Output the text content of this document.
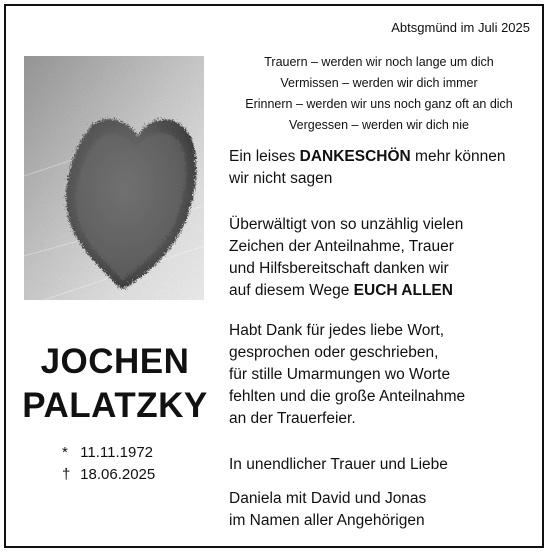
Abtsgmünd im Juli 2025
Trauern – werden wir noch lange um dich
Vermissen – werden wir dich immer
Erinnern – werden wir uns noch ganz oft an dich
Vergessen – werden wir dich nie
JOCHEN
PALATZKY
* 11.11.1972
† 18.06.2025
Ein leises DANKESCHÖN mehr können
wir nicht sagen
Überwältigt von so unzählig vielen
Zeichen der Anteilnahme, Trauer
und Hilfsbereitschaft danken wir
auf diesem Wege EUCH ALLEN
Habt Dank für jedes liebe Wort,
gesprochen oder geschrieben,
für stille Umarmungen wo Worte
fehlten und die große Anteilnahme
an der Trauerfeier.
In unendlicher Trauer und Liebe
Daniela mit David und Jonas
im Namen aller Angehörigen
